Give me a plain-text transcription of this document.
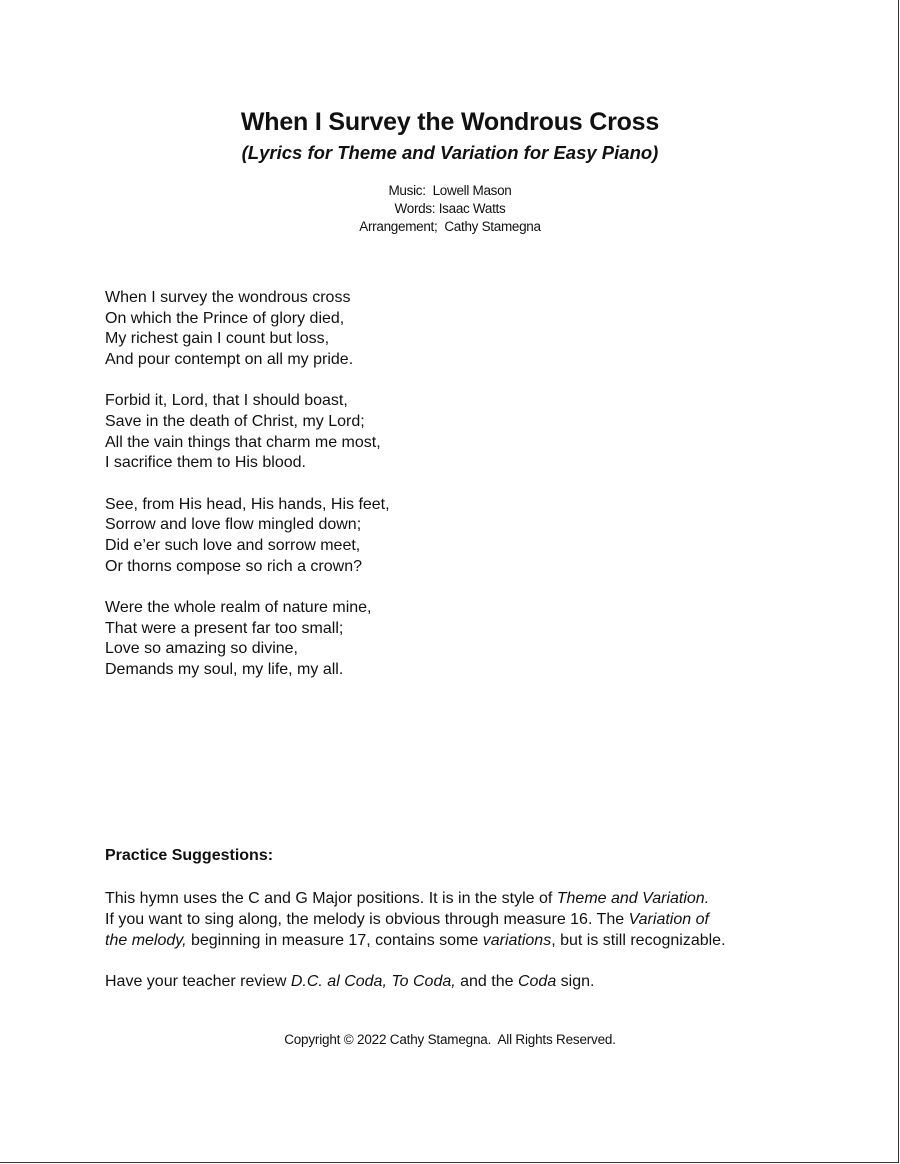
When I Survey the Wondrous Cross
(Lyrics for Theme and Variation for Easy Piano)
Music:  Lowell Mason
Words: Isaac Watts
Arrangement;  Cathy Stamegna
When I survey the wondrous cross
On which the Prince of glory died,
My richest gain I count but loss,
And pour contempt on all my pride.
Forbid it, Lord, that I should boast,
Save in the death of Christ, my Lord;
All the vain things that charm me most,
I sacrifice them to His blood.
See, from His head, His hands, His feet,
Sorrow and love flow mingled down;
Did e’er such love and sorrow meet,
Or thorns compose so rich a crown?
Were the whole realm of nature mine,
That were a present far too small;
Love so amazing so divine,
Demands my soul, my life, my all.
Practice Suggestions:

This hymn uses the C and G Major positions. It is in the style of Theme and Variation.

If you want to sing along, the melody is obvious through measure 16. The Variation of

the melody, beginning in measure 17, contains some variations, but is still recognizable.

Have your teacher review D.C. al Coda, To Coda, and the Coda sign.

Copyright © 2022 Cathy Stamegna.  All Rights Reserved.
